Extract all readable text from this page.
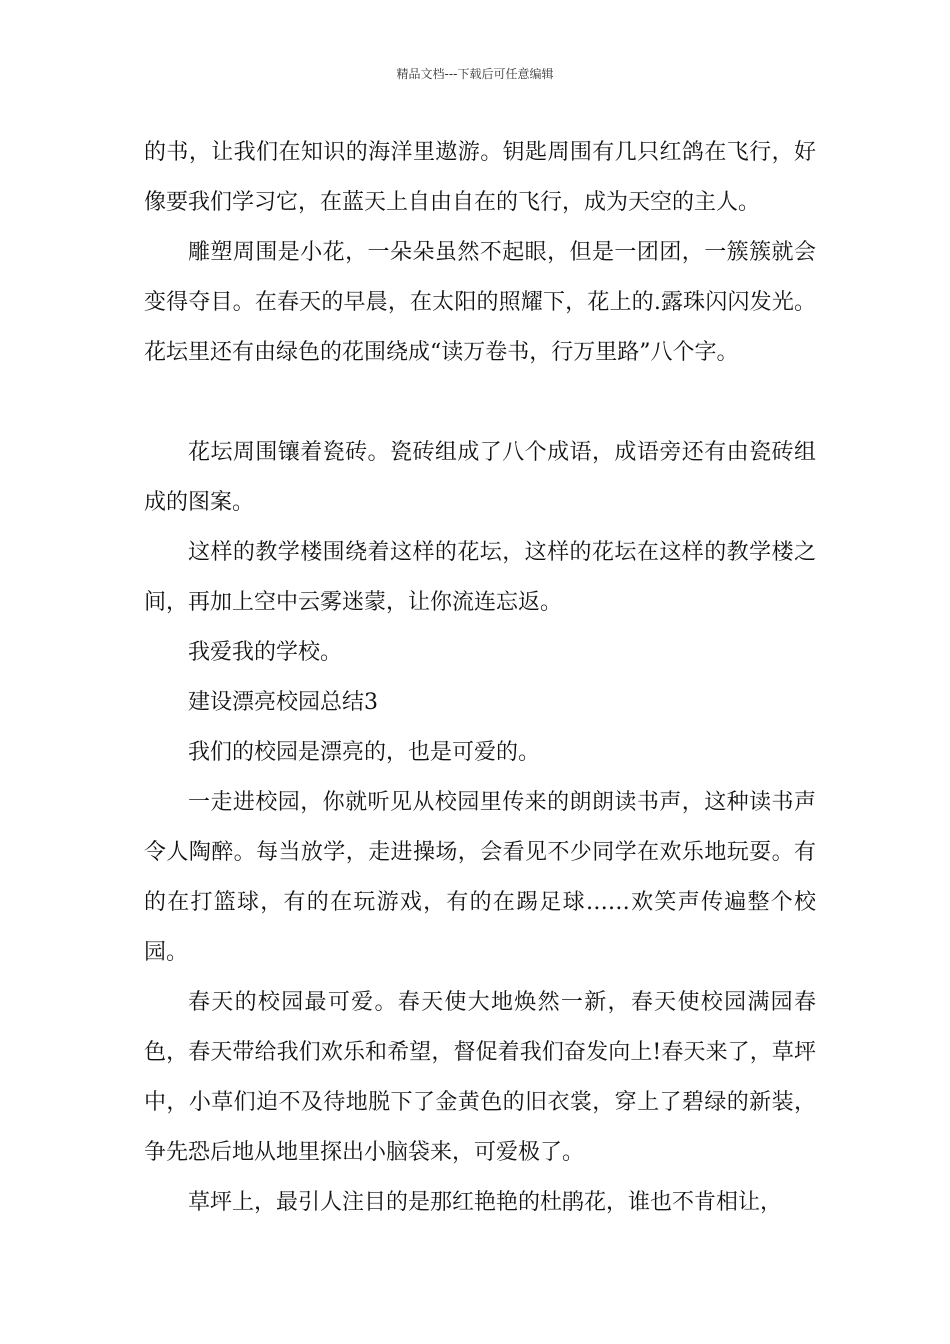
精品文档---下载后可任意编辑

的书，让我们在知识的海洋里遨游。钥匙周围有几只红鸽在飞行，好像要我们学习它，在蓝天上自由自在的飞行，成为天空的主人。

雕塑周围是小花，一朵朵虽然不起眼，但是一团团，一簇簇就会变得夺目。在春天的早晨，在太阳的照耀下，花上的.露珠闪闪发光。花坛里还有由绿色的花围绕成“读万卷书，行万里路”八个字。

花坛周围镶着瓷砖。瓷砖组成了八个成语，成语旁还有由瓷砖组成的图案。

这样的教学楼围绕着这样的花坛，这样的花坛在这样的教学楼之间，再加上空中云雾迷蒙，让你流连忘返。

我爱我的学校。

建设漂亮校园总结3

我们的校园是漂亮的，也是可爱的。

一走进校园，你就听见从校园里传来的朗朗读书声，这种读书声令人陶醉。每当放学，走进操场，会看见不少同学在欢乐地玩耍。有的在打篮球，有的在玩游戏，有的在踢足球……欢笑声传遍整个校园。

春天的校园最可爱。春天使大地焕然一新，春天使校园满园春色，春天带给我们欢乐和希望，督促着我们奋发向上!春天来了，草坪中，小草们迫不及待地脱下了金黄色的旧衣裳，穿上了碧绿的新装，争先恐后地从地里探出小脑袋来，可爱极了。

草坪上，最引人注目的是那红艳艳的杜鹃花，谁也不肯相让，
